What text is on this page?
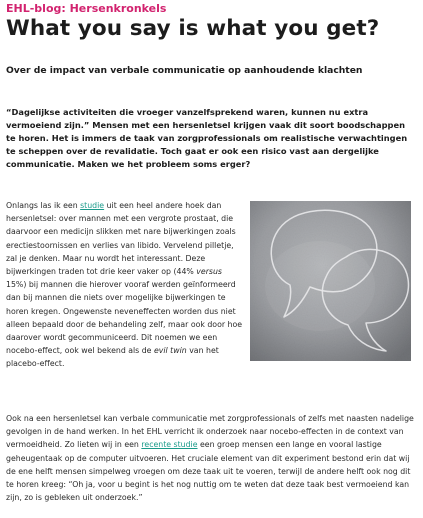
EHL-blog: Hersenkronkels
What you say is what you get?
Over de impact van verbale communicatie op aanhoudende klachten

“Dagelijkse activiteiten die vroeger vanzelfsprekend waren, kunnen nu extra vermoeiend zijn.” Mensen met een hersenletsel krijgen vaak dit soort boodschappen te horen. Het is immers de taak van zorgprofessionals om realistische verwachtingen te scheppen over de revalidatie. Toch gaat er ook een risico vast aan dergelijke communicatie. Maken we het probleem soms erger?

Onlangs las ik een studie uit een heel andere hoek dan hersenletsel: over mannen met een vergrote prostaat, die daarvoor een medicijn slikken met nare bijwerkingen zoals erectiestoornissen en verlies van libido. Vervelend pilletje, zal je denken. Maar nu wordt het interessant. Deze bijwerkingen traden tot drie keer vaker op (44% versus 15%) bij mannen die hierover vooraf werden geïnformeerd dan bij mannen die niets over mogelijke bijwerkingen te horen kregen. Ongewenste neveneffecten worden dus niet alleen bepaald door de behandeling zelf, maar ook door hoe daarover wordt gecommuniceerd. Dit noemen we een
nocebo-effect, ook wel bekend als de evil twin van het placebo-effect.

Ook na een hersenletsel kan verbale communicatie met zorgprofessionals of zelfs met naasten nadelige gevolgen in de hand werken. In het EHL verricht ik onderzoek naar nocebo-effecten in de context van vermoeidheid. Zo lieten wij in een recente studie een groep mensen een lange en vooral lastige geheugentaak op de computer uitvoeren. Het cruciale element van dit experiment bestond erin dat wij de ene helft mensen simpelweg vroegen om deze taak uit te voeren, terwijl de andere helft ook nog dit te horen kreeg: “Oh ja, voor u begint is het nog nuttig om te weten dat deze taak best vermoeiend kan zijn, zo is gebleken uit onderzoek.”
